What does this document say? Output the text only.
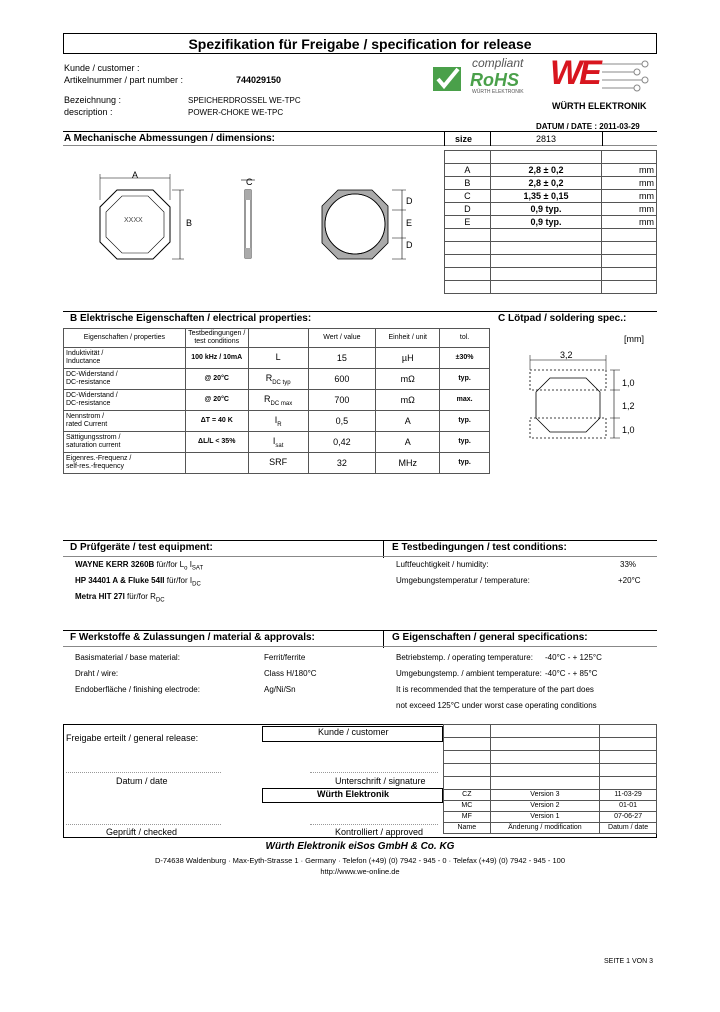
Spezifikation für Freigabe / specification for release
Kunde / customer :
Artikelnummer / part number :	744029150
Bezeichnung :	SPEICHERDROSSEL WE-TPC
description :	POWER-CHOKE WE-TPC
compliant
RoHS
WÜRTH ELEKTRONIK WE
WÜRTH ELEKTRONIK
DATUM / DATE : 2011-03-29
A Mechanische Abmessungen / dimensions:	size	2813
A
B
C
D
E
D
XXXX

A	2,8 ± 0,2	mm
B	2,8 ± 0,2	mm
C	1,35 ± 0,15	mm
D	0,9 typ.	mm
E	0,9 typ.	mm

B Elektrische Eigenschaften / electrical properties:
Eigenschaften / properties	Testbedingungen /
test conditions		Wert / value	Einheit / unit	tol.

Induktivität /
Inductance	100 kHz / 10mA	L	15	µH	±30%

DC-Widerstand /
DC-resistance	@ 20°C	$R_{DC typ}$	600	mΩ	typ.

DC-Widerstand /
DC-resistance	@ 20°C	$R_{DC max}$	700	mΩ	max.

Nennstrom /
rated Current	ΔT = 40 K	$I_R$	0,5	A	typ.

Sättigungsstrom /
saturation current	ΔL/L < 35%	$I_{sat}$	0,42	A	typ.

Eigenres.-Frequenz /
self-res.-frequency		SRF	32	MHz	typ.
C Lötpad / soldering spec.:
[mm]
3,2
1,0
1,2
1,0
D Prüfgeräte / test equipment:	E Testbedingungen / test conditions:
WAYNE KERR 3260B für/for $L_o$ $I_{SAT}$
HP 34401 A & Fluke 54II für/for $I_{DC}$
Metra HIT 27I für/for $R_{DC}$
Luftfeuchtigkeit / humidity:	33%
Umgebungstemperatur / temperature:	+20°C
F Werkstoffe & Zulassungen / material & approvals:	G Eigenschaften / general specifications:
Basismaterial / base material:	Ferrit/ferrite
Draht / wire:	Class H/180°C
Endoberfläche / finishing electrode:	Ag/Ni/Sn
Betriebstemp. / operating temperature: -40°C - + 125°C
Umgebungstemp. / ambient temperature: -40°C - + 85°C
It is recommended that the temperature of the part does
not exceed 125°C under worst case operating conditions
Freigabe erteilt / general release:
Kunde / customer
Datum / date	Unterschrift / signature
Würth Elektronik
Geprüft / checked	Kontrolliert / approved

CZ	Version 3	11-03-29
MC	Version 2	01-01
MF	Version 1	07-06-27
Name	Änderung / modification	Datum / date
Würth Elektronik eiSos GmbH & Co. KG
D-74638 Waldenburg · Max-Eyth-Strasse 1 · Germany · Telefon (+49) (0) 7942 - 945 - 0 · Telefax (+49) (0) 7942 - 945 - 100
http://www.we-online.de
SEITE 1 VON 3
